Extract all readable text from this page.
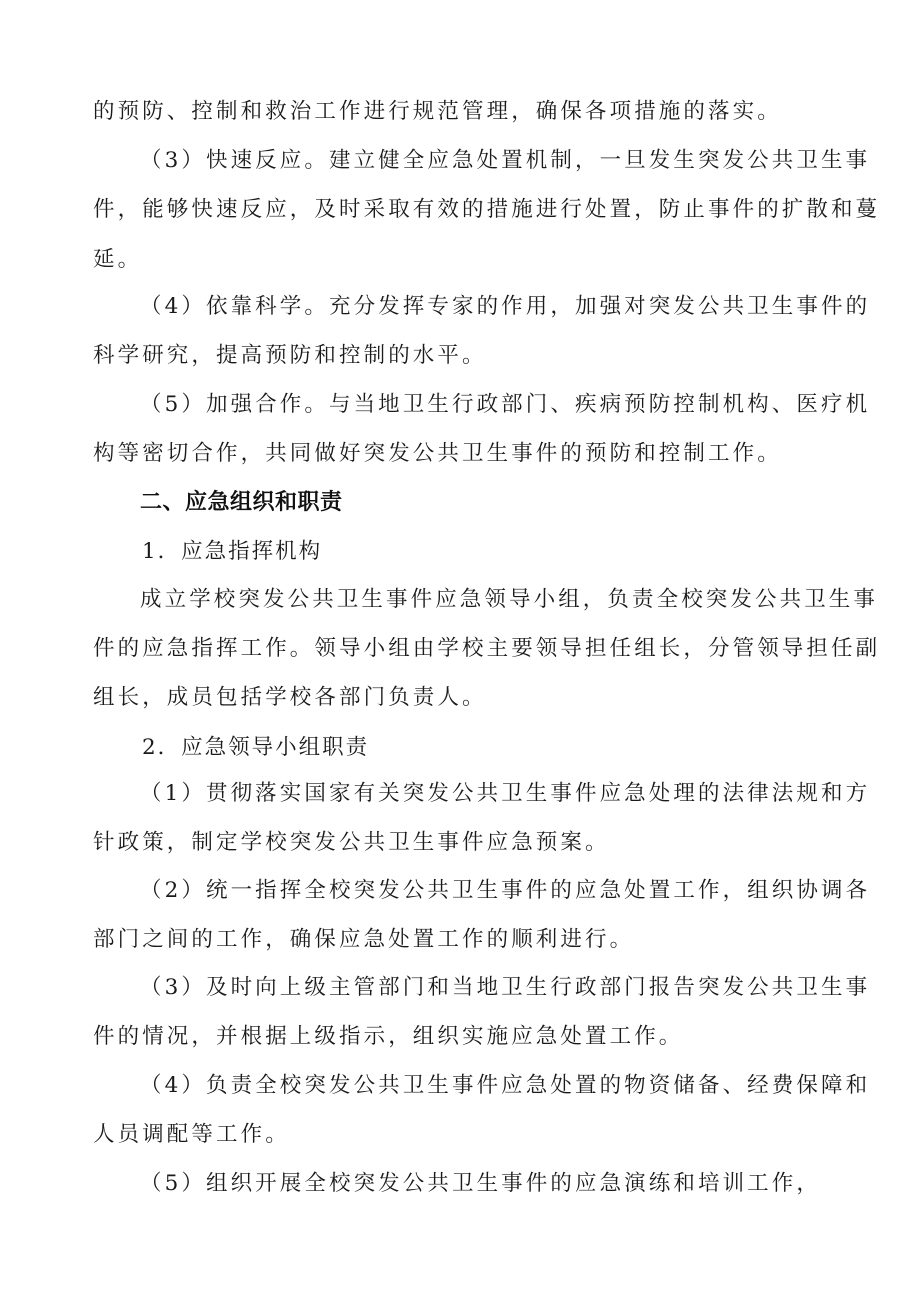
的预防、控制和救治工作进行规范管理，确保各项措施的落实。

（3）快速反应。建立健全应急处置机制，一旦发生突发公共卫生事

件，能够快速反应，及时采取有效的措施进行处置，防止事件的扩散和蔓

延。

（4）依靠科学。充分发挥专家的作用，加强对突发公共卫生事件的

科学研究，提高预防和控制的水平。

（5）加强合作。与当地卫生行政部门、疾病预防控制机构、医疗机

构等密切合作，共同做好突发公共卫生事件的预防和控制工作。

二、应急组织和职责

1．应急指挥机构

成立学校突发公共卫生事件应急领导小组，负责全校突发公共卫生事

件的应急指挥工作。领导小组由学校主要领导担任组长，分管领导担任副

组长，成员包括学校各部门负责人。

2．应急领导小组职责

（1）贯彻落实国家有关突发公共卫生事件应急处理的法律法规和方

针政策，制定学校突发公共卫生事件应急预案。

（2）统一指挥全校突发公共卫生事件的应急处置工作，组织协调各

部门之间的工作，确保应急处置工作的顺利进行。

（3）及时向上级主管部门和当地卫生行政部门报告突发公共卫生事

件的情况，并根据上级指示，组织实施应急处置工作。

（4）负责全校突发公共卫生事件应急处置的物资储备、经费保障和

人员调配等工作。

（5）组织开展全校突发公共卫生事件的应急演练和培训工作，
